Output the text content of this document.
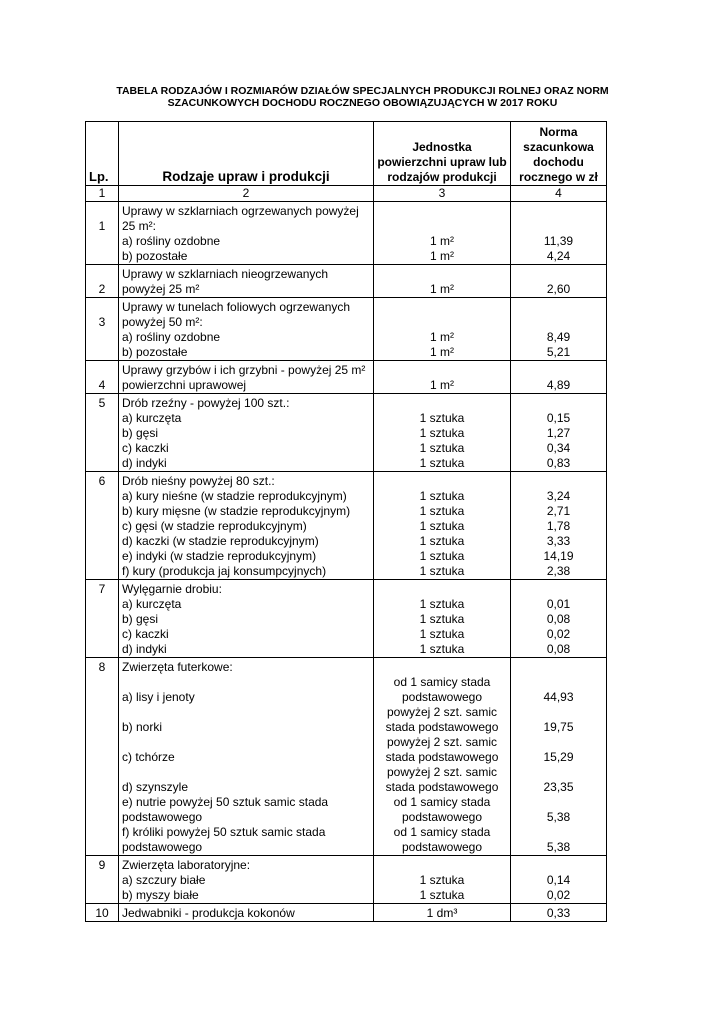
TABELA RODZAJÓW I ROZMIARÓW DZIAŁÓW SPECJALNYCH PRODUKCJI ROLNEJ ORAZ NORM
SZACUNKOWYCH DOCHODU ROCZNEGO OBOWIĄZUJĄCYCH W 2017 ROKU
Lp.	Rodzaje upraw i produkcji	Jednostka powierzchni upraw lub rodzajów produkcji	Norma szacunkowa dochodu rocznego w zł
1	2	3	4
1	Uprawy w szklarniach ogrzewanych powyżej 25 m²:		
	a) rośliny ozdobne	1 m²	11,39
	b) pozostałe	1 m²	4,24
2	Uprawy w szklarniach nieogrzewanych powyżej 25 m²	1 m²	2,60
3	Uprawy w tunelach foliowych ogrzewanych powyżej 50 m²:		
	a) rośliny ozdobne	1 m²	8,49
	b) pozostałe	1 m²	5,21
4	Uprawy grzybów i ich grzybni - powyżej 25 m² powierzchni uprawowej	1 m²	4,89
5	Drób rzeźny - powyżej 100 szt.:		
	a) kurczęta	1 sztuka	0,15
	b) gęsi	1 sztuka	1,27
	c) kaczki	1 sztuka	0,34
	d) indyki	1 sztuka	0,83
6	Drób nieśny powyżej 80 szt.:		
	a) kury nieśne (w stadzie reprodukcyjnym)	1 sztuka	3,24
	b) kury mięsne (w stadzie reprodukcyjnym)	1 sztuka	2,71
	c) gęsi (w stadzie reprodukcyjnym)	1 sztuka	1,78
	d) kaczki (w stadzie reprodukcyjnym)	1 sztuka	3,33
	e) indyki (w stadzie reprodukcyjnym)	1 sztuka	14,19
	f) kury (produkcja jaj konsumpcyjnych)	1 sztuka	2,38
7	Wylęgarnie drobiu:		
	a) kurczęta	1 sztuka	0,01
	b) gęsi	1 sztuka	0,08
	c) kaczki	1 sztuka	0,02
	d) indyki	1 sztuka	0,08
8	Zwierzęta futerkowe:		
	a) lisy i jenoty	od 1 samicy stada podstawowego	44,93
	b) norki	powyżej 2 szt. samic stada podstawowego	19,75
	c) tchórze	powyżej 2 szt. samic stada podstawowego	15,29
	d) szynszyle	powyżej 2 szt. samic stada podstawowego	23,35
	e) nutrie powyżej 50 sztuk samic stada podstawowego	od 1 samicy stada podstawowego	5,38
	f) króliki powyżej 50 sztuk samic stada podstawowego	od 1 samicy stada podstawowego	5,38
9	Zwierzęta laboratoryjne:		
	a) szczury białe	1 sztuka	0,14
	b) myszy białe	1 sztuka	0,02
10	Jedwabniki - produkcja kokonów	1 dm³	0,33
